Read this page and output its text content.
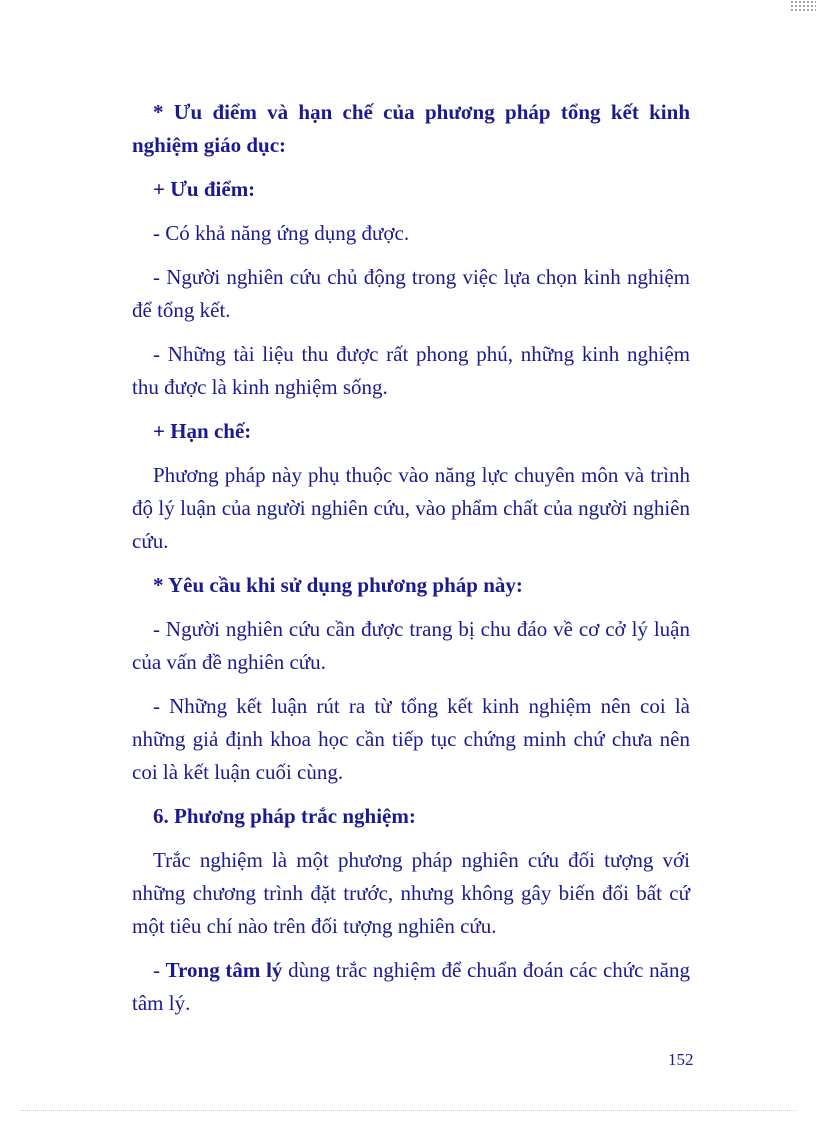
* Ưu điểm và hạn chế của phương pháp tổng kết kinh nghiệm giáo dục:

+ Ưu điểm:

- Có khả năng ứng dụng được.

- Người nghiên cứu chủ động trong việc lựa chọn kinh nghiệm để tổng kết.

- Những tài liệu thu được rất phong phú, những kinh nghiệm thu được là kinh nghiệm sống.

+ Hạn chế:

Phương pháp này phụ thuộc vào năng lực chuyên môn và trình độ lý luận của người nghiên cứu, vào phẩm chất của người nghiên cứu.

* Yêu cầu khi sử dụng phương pháp này:

- Người nghiên cứu cần được trang bị chu đáo về cơ cở lý luận của vấn đề nghiên cứu.

- Những kết luận rút ra từ tổng kết kinh nghiệm nên coi là những giả định khoa học cần tiếp tục chứng minh chứ chưa nên coi là kết luận cuối cùng.

6. Phương pháp trắc nghiệm:

Trắc nghiệm là một phương pháp nghiên cứu đối tượng với những chương trình đặt trước, nhưng không gây biến đổi bất cứ một tiêu chí nào trên đối tượng nghiên cứu.

- Trong tâm lý dùng trắc nghiệm để chuẩn đoán các chức năng tâm lý.

152
